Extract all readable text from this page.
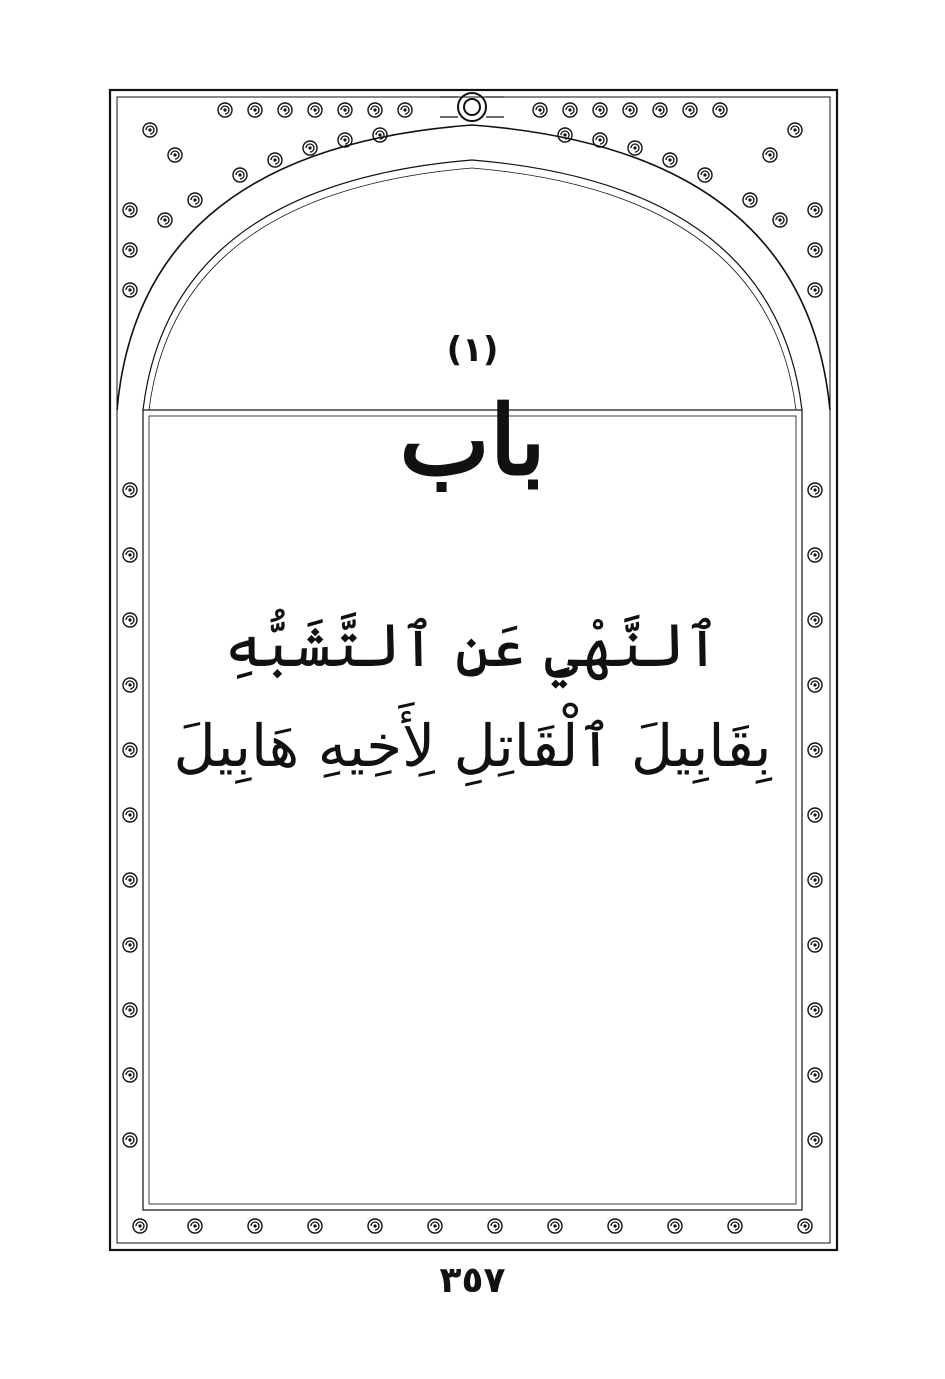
(١)
باب
ٱلنَّهْيِ عَنِ ٱلتَّشَبُّهِ
بِقَابِيلَ ٱلْقَاتِلِ لِأَخِيهِ هَابِيلَ
٣٥٧
